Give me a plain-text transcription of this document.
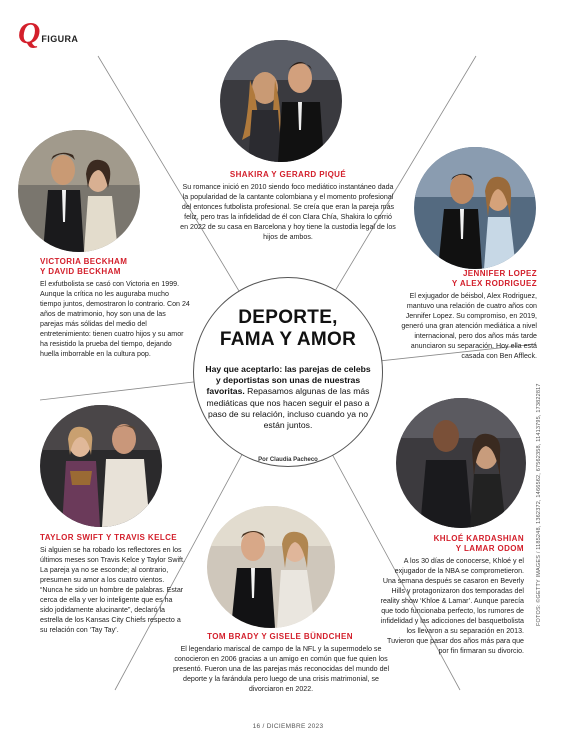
Q FIGURA
SHAKIRA Y GERARD PIQUÉ
Su romance inició en 2010 siendo foco mediático instantáneo dada la popularidad de la cantante colombiana y el momento profesional del entonces futbolista profesional. Se creía que eran la pareja más feliz, pero tras la infidelidad de él con Clara Chía, Shakira lo corrió en 2022 de su casa en Barcelona y hoy tiene la custodia legal de los hijos de ambos.
VICTORIA BECKHAM
Y DAVID BECKHAM
El exfutbolista se casó con Victoria en 1999. Aunque la crítica no les auguraba mucho tiempo juntos, demostraron lo contrario. Con 24 años de matrimonio, hoy son una de las parejas más sólidas del medio del entretenimiento: tienen cuatro hijos y su amor ha resistido la prueba del tiempo, dejando huella imborrable en la cultura pop.
JENNIFER LOPEZ
Y ALEX RODRIGUEZ
El exjugador de béisbol, Alex Rodriguez, mantuvo una relación de cuatro años con Jennifer Lopez. Su compromiso, en 2019, generó una gran atención mediática a nivel internacional, pero dos años más tarde anunciaron su separación. Hoy ella está casada con Ben Affleck.
DEPORTE,
FAMA Y AMOR
Hay que aceptarlo: las parejas de celebs y deportistas son unas de nuestras favoritas. Repasamos algunas de las más mediáticas que nos hacen seguir el paso a paso de su relación, incluso cuando ya no están juntos.
Por Claudia Pacheco
TAYLOR SWIFT Y TRAVIS KELCE
Si alguien se ha robado los reflectores en los últimos meses son Travis Kelce y Taylor Swift. La pareja ya no se esconde; al contrario, presumen su amor a los cuatro vientos. “Nunca he sido un hombre de palabras. Estar cerca de ella y ver lo inteligente que es ha sido jodidamente alucinante”, declaró la estrella de los Kansas City Chiefs respecto a su relación con ‘Tay Tay’.
KHLOÉ KARDASHIAN
Y LAMAR ODOM
A los 30 días de conocerse, Khloé y el exjugador de la NBA se comprometieron. Una semana después se casaron en Beverly Hills y protagonizaron dos temporadas del reality show ‘Khloe & Lamar’. Aunque parecía que todo funcionaba perfecto, los rumores de infidelidad y las adicciones del basquetbolista los llevaron a su separación en 2013. Tuvieron que pasar dos años más para que por fin firmaran su divorcio.
TOM BRADY Y GISELE BÜNDCHEN
El legendario mariscal de campo de la NFL y la supermodelo se conocieron en 2006 gracias a un amigo en común que fue quien los presentó. Fueron una de las parejas más reconocidas del mundo del deporte y la farándula pero luego de una crisis matrimonial, se divorciaron en 2022.
FOTOS: ©GETTY IMAGES / 1185248, 1362372, 1466562, 67562358, 11413795, 173822817
16 / DICIEMBRE 2023
